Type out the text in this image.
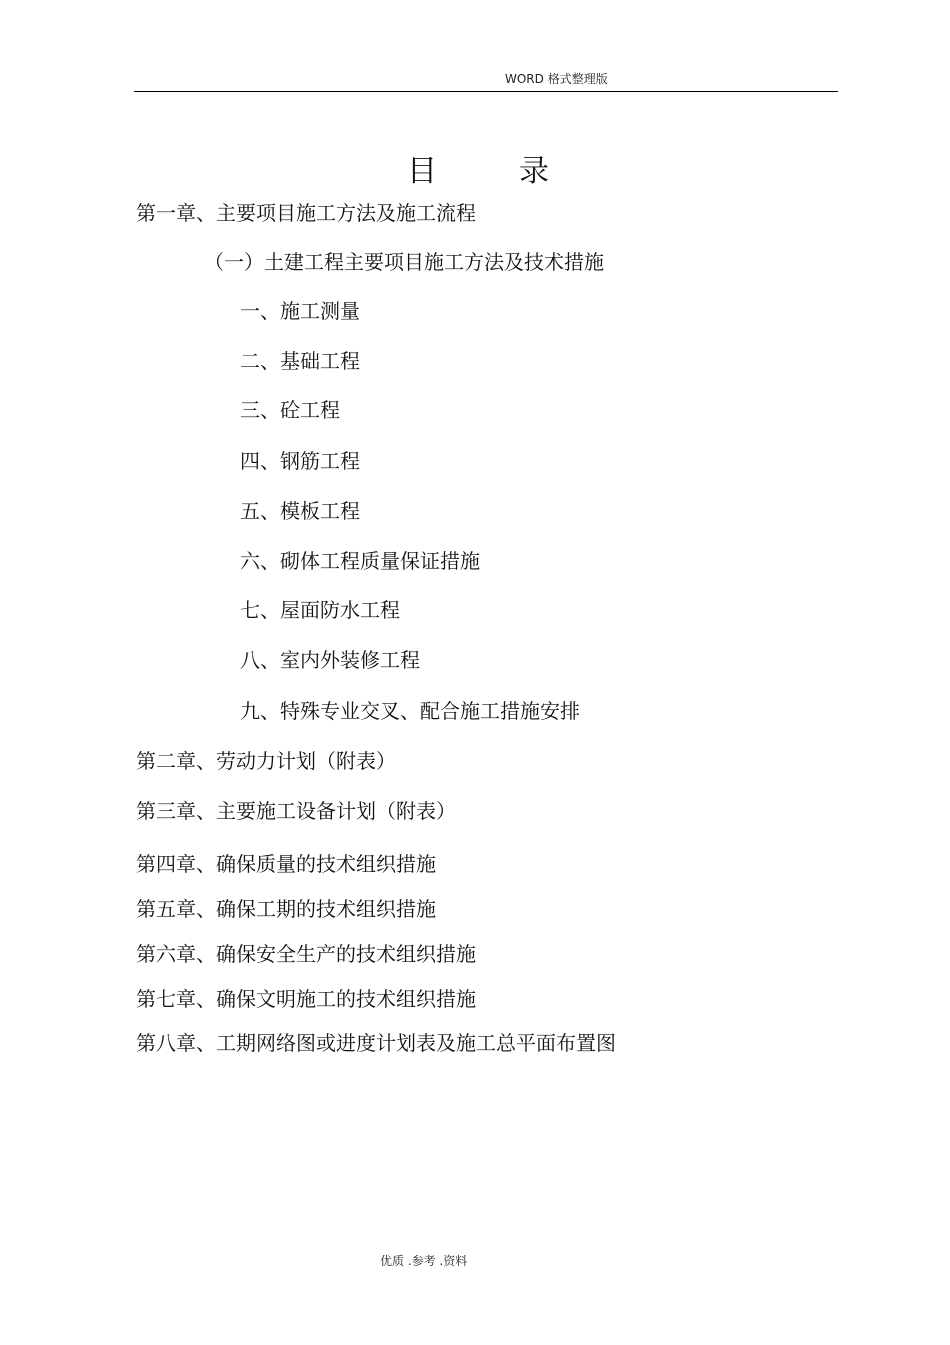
WORD 格式整理版
目	录
第一章、主要项目施工方法及施工流程
（一）土建工程主要项目施工方法及技术措施
一、施工测量
二、基础工程
三、砼工程
四、钢筋工程
五、模板工程
六、砌体工程质量保证措施
七、屋面防水工程
八、室内外装修工程
九、特殊专业交叉、配合施工措施安排
第二章、劳动力计划（附表）
第三章、主要施工设备计划（附表）
第四章、确保质量的技术组织措施
第五章、确保工期的技术组织措施
第六章、确保安全生产的技术组织措施
第七章、确保文明施工的技术组织措施
第八章、工期网络图或进度计划表及施工总平面布置图
优质 .参考 .资料
